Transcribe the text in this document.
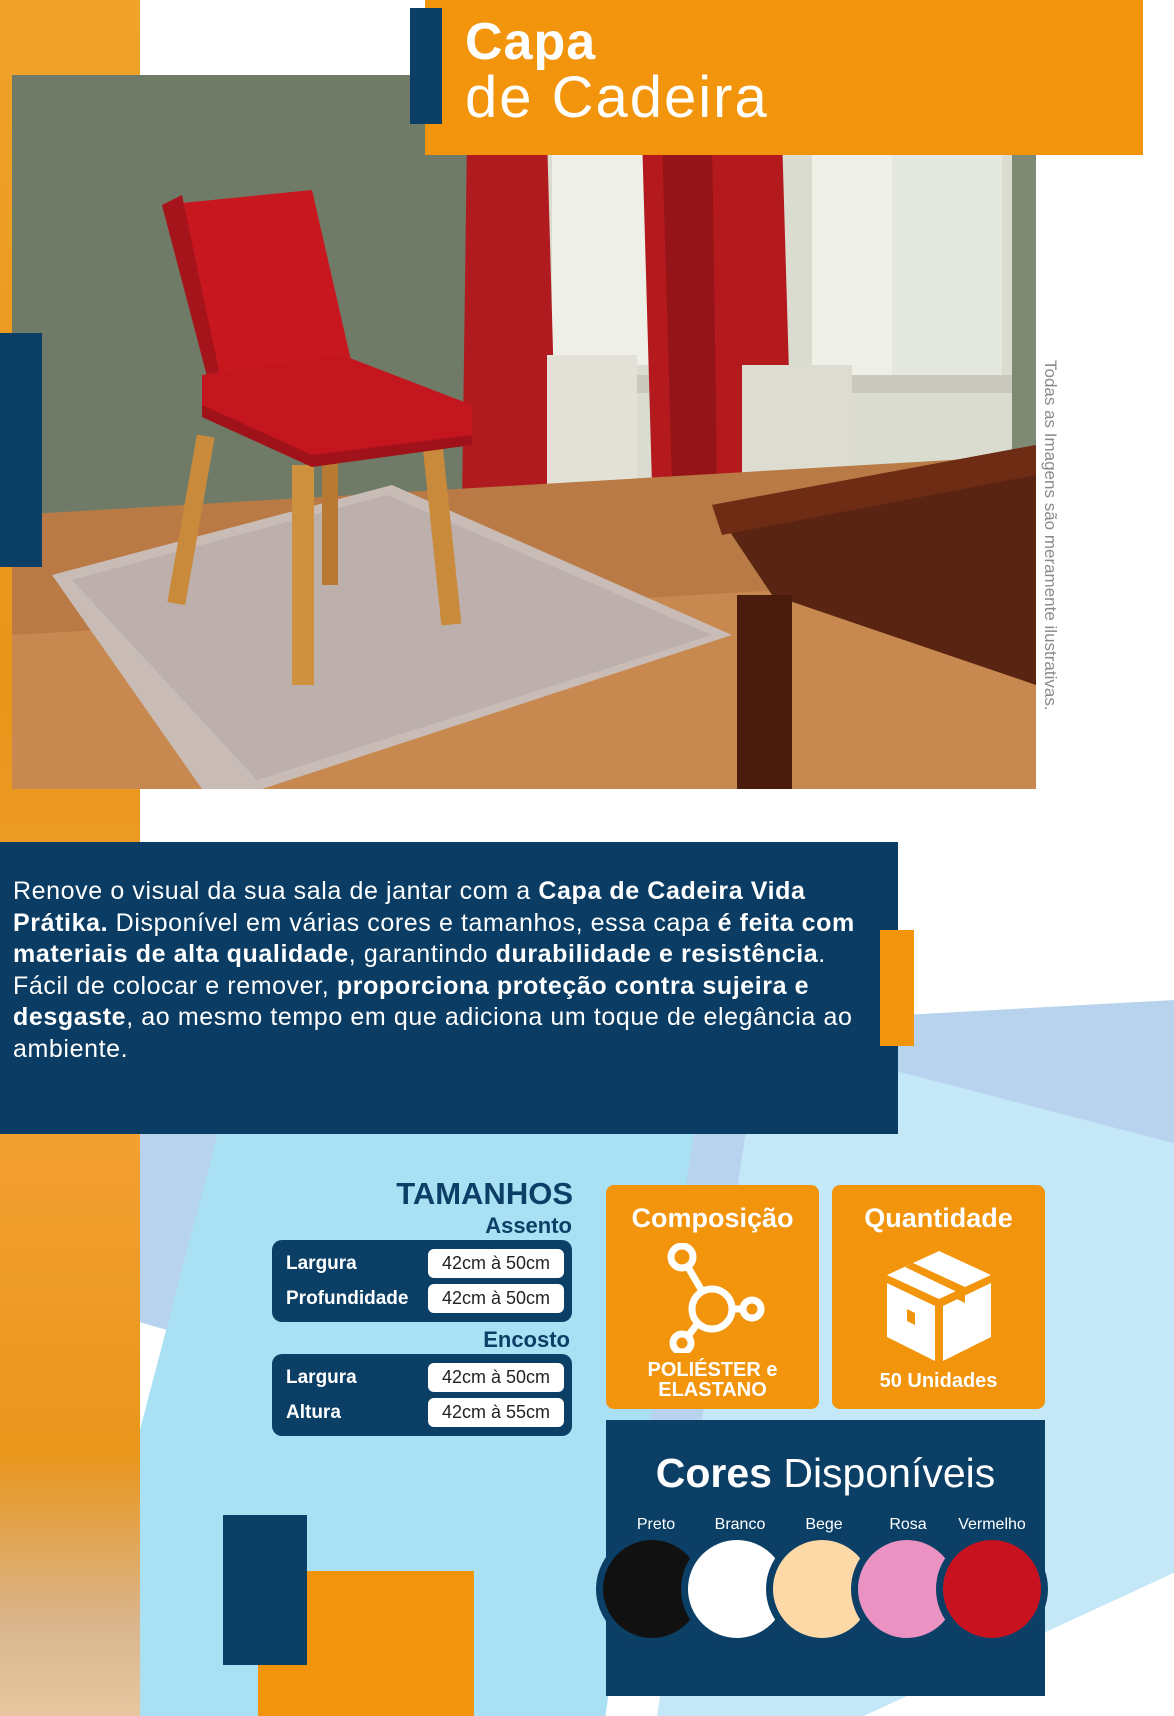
Todas as Imagens são meramente ilustrativas.
Capa
de Cadeira
Renove o visual da sua sala de jantar com a Capa de Cadeira Vida Prátika. Disponível em várias cores e tamanhos, essa capa é feita com materiais de alta qualidade, garantindo durabilidade e resistência. Fácil de colocar e remover, proporciona proteção contra sujeira e desgaste, ao mesmo tempo em que adiciona um toque de elegância ao ambiente.
TAMANHOS
Assento
Largura	42cm à 50cm
Profundidade	42cm à 50cm
Encosto
Largura	42cm à 50cm
Altura	42cm à 55cm
Composição
POLIÉSTER e
ELASTANO
Quantidade
50 Unidades
Cores Disponíveis
Preto	Branco	Bege	Rosa	Vermelho
